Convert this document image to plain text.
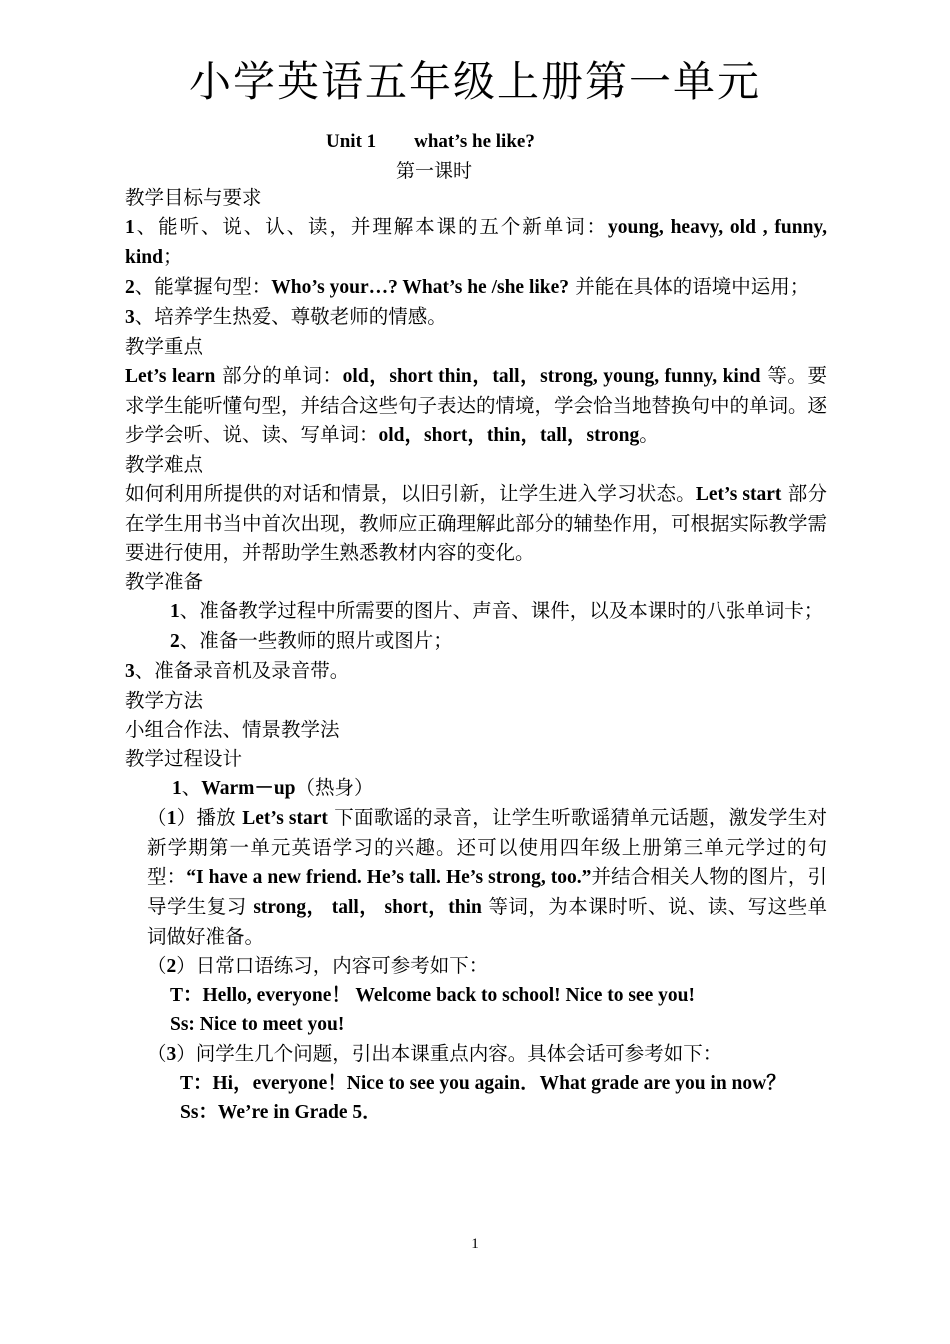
小学英语五年级上册第一单元
Unit 1        what’s he like?
第一课时

教学目标与要求

1、能听、说、认、读，并理解本课的五个新单词：young, heavy, old , funny, kind；

2、能掌握句型：Who’s your…? What’s he /she like? 并能在具体的语境中运用；

3、培养学生热爱、尊敬老师的情感。

教学重点

Let’s learn 部分的单词：old，short thin，tall，strong, young, funny, kind 等。要求学生能听懂句型，并结合这些句子表达的情境，学会恰当地替换句中的单词。逐步学会听、说、读、写单词：old，short，thin，tall，strong。

教学难点

如何利用所提供的对话和情景，以旧引新，让学生进入学习状态。Let’s start 部分在学生用书当中首次出现，教师应正确理解此部分的辅垫作用，可根据实际教学需要进行使用，并帮助学生熟悉教材内容的变化。

教学准备

1、准备教学过程中所需要的图片、声音、课件，以及本课时的八张单词卡；

2、准备一些教师的照片或图片；

3、准备录音机及录音带。

教学方法

小组合作法、情景教学法

教学过程设计

1、Warm－up（热身）

（1）播放 Let’s start 下面歌谣的录音，让学生听歌谣猜单元话题，激发学生对新学期第一单元英语学习的兴趣。还可以使用四年级上册第三单元学过的句型：“I have a new friend. He’s tall. He’s strong, too.”并结合相关人物的图片，引导学生复习 strong， tall， short，thin 等词，为本课时听、说、读、写这些单词做好准备。

（2）日常口语练习，内容可参考如下：

T：Hello, everyone！ Welcome back to school! Nice to see you!

Ss: Nice to meet you!

（3）问学生几个问题，引出本课重点内容。具体会话可参考如下：

T：Hi，everyone！Nice to see you again．What grade are you in now？

Ss：We’re in Grade 5．

1
